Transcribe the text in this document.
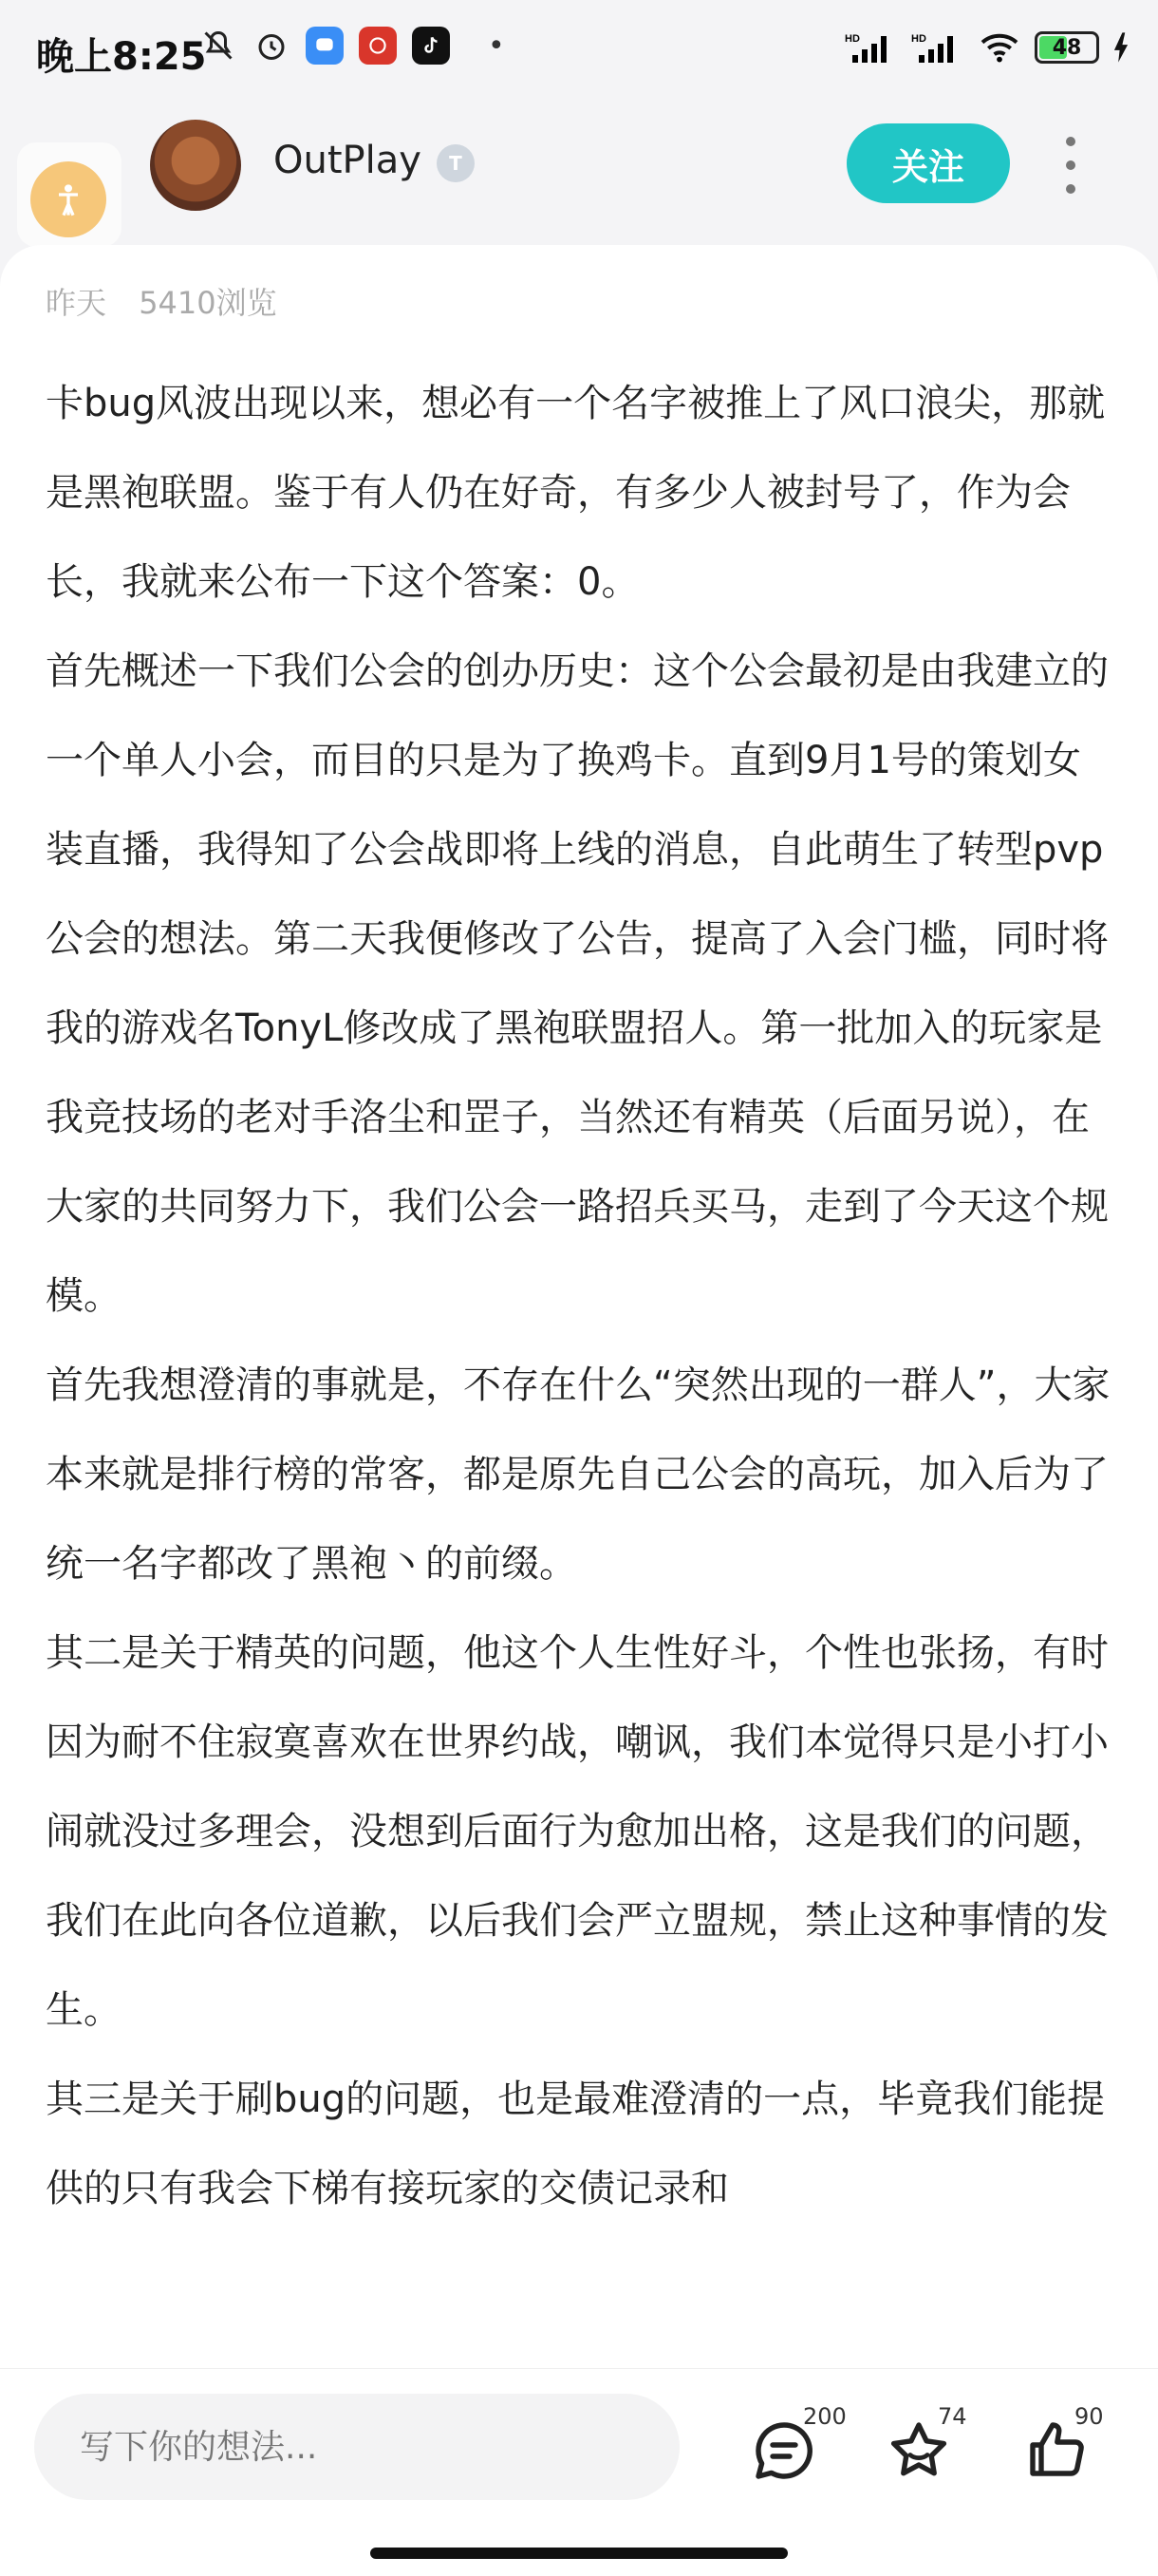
晚上8:25	•	HD	HD	48
OutPlay	T	关注
昨天 5410浏览

卡bug风波出现以来，想必有一个名字被推上了风口浪尖，那就是黑袍联盟。鉴于有人仍在好奇，有多少人被封号了，作为会长，我就来公布一下这个答案：0。

首先概述一下我们公会的创办历史：这个公会最初是由我建立的一个单人小会，而目的只是为了换鸡卡。直到9月1号的策划女装直播，我得知了公会战即将上线的消息，自此萌生了转型pvp公会的想法。第二天我便修改了公告，提高了入会门槛，同时将我的游戏名TonyL修改成了黑袍联盟招人。第一批加入的玩家是我竞技场的老对手洛尘和罡子，当然还有精英（后面另说），在大家的共同努力下，我们公会一路招兵买马，走到了今天这个规模。

首先我想澄清的事就是，不存在什么“突然出现的一群人”，大家本来就是排行榜的常客，都是原先自己公会的高玩，加入后为了统一名字都改了黑袍丶的前缀。

其二是关于精英的问题，他这个人生性好斗，个性也张扬，有时因为耐不住寂寞喜欢在世界约战，嘲讽，我们本觉得只是小打小闹就没过多理会，没想到后面行为愈加出格，这是我们的问题，我们在此向各位道歉，以后我们会严立盟规，禁止这种事情的发生。

其三是关于刷bug的问题，也是最难澄清的一点，毕竟我们能提供的只有我会下梯有接玩家的交债记录和

写下你的想法...
200	74	90
